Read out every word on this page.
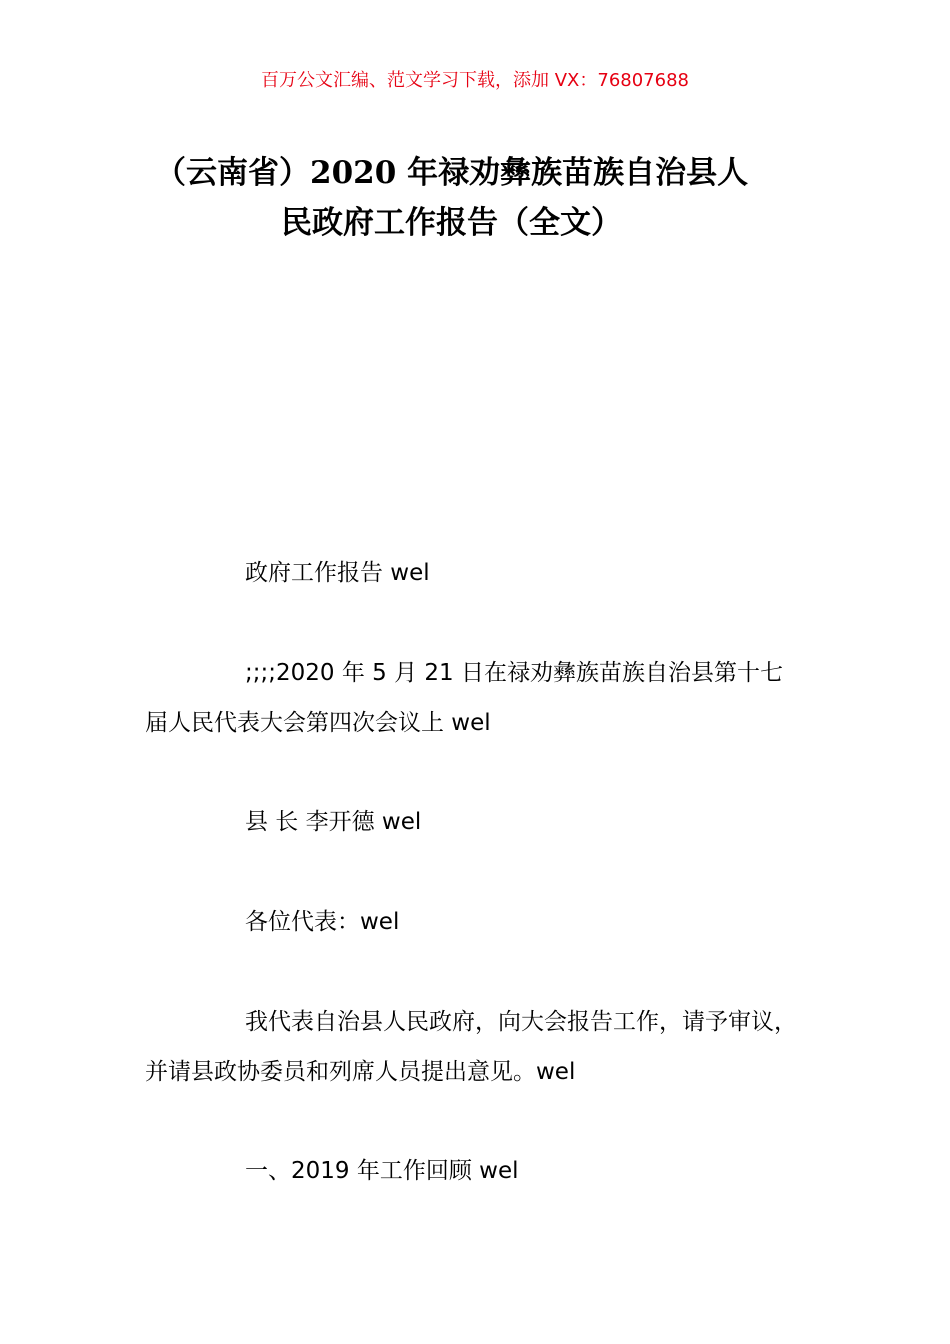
百万公文汇编、范文学习下载，添加 VX：76807688
（云南省）2020 年禄劝彝族苗族自治县人
民政府工作报告（全文）

政府工作报告 wel

;;;;2020 年 5 月 21 日在禄劝彝族苗族自治县第十七届人民代表大会第四次会议上 wel

县 长 李开德 wel

各位代表：wel

我代表自治县人民政府，向大会报告工作，请予审议，并请县政协委员和列席人员提出意见。wel

一、2019 年工作回顾 wel
